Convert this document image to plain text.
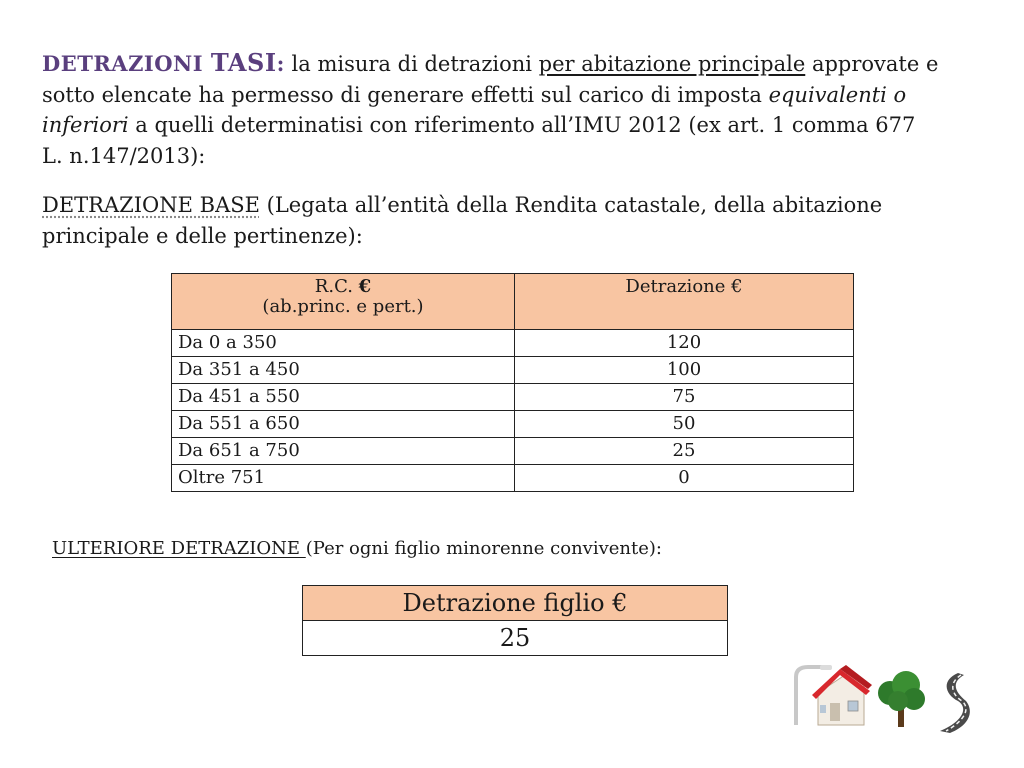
DETRAZIONI TASI: la misura di detrazioni per abitazione principale approvate e sotto elencate ha permesso di generare effetti sul carico di imposta equivalenti o inferiori a quelli determinatisi con riferimento all’IMU 2012 (ex art. 1 comma 677 L. n.147/2013):
DETRAZIONE BASE (Legata all’entità della Rendita catastale, della abitazione principale e delle pertinenze):
R.C. €
(ab.princ. e pert.)	Detrazione €
Da 0 a 350	120
Da 351 a 450	100
Da 451 a 550	75
Da 551 a 650	50
Da 651 a 750	25
Oltre 751	0
ULTERIORE DETRAZIONE (Per ogni figlio minorenne convivente):
Detrazione figlio €
25
